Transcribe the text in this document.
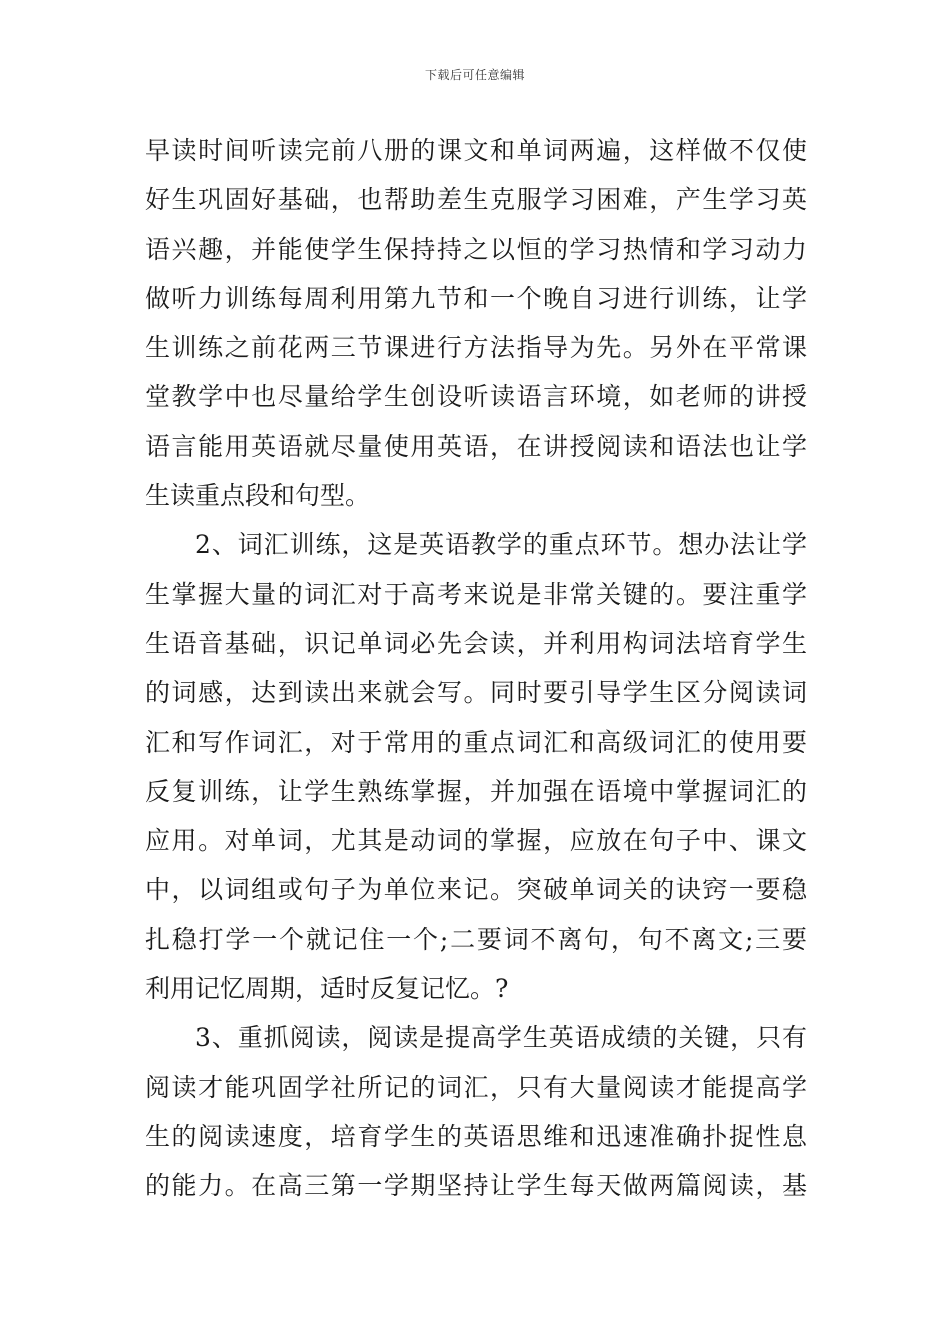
下载后可任意编辑
早读时间听读完前八册的课文和单词两遍，这样做不仅使
好生巩固好基础，也帮助差生克服学习困难，产生学习英
语兴趣，并能使学生保持持之以恒的学习热情和学习动力
做听力训练每周利用第九节和一个晚自习进行训练，让学
生训练之前花两三节课进行方法指导为先。另外在平常课
堂教学中也尽量给学生创设听读语言环境，如老师的讲授
语言能用英语就尽量使用英语，在讲授阅读和语法也让学
生读重点段和句型。
2、词汇训练，这是英语教学的重点环节。想办法让学
生掌握大量的词汇对于高考来说是非常关键的。要注重学
生语音基础，识记单词必先会读，并利用构词法培育学生
的词感，达到读出来就会写。同时要引导学生区分阅读词
汇和写作词汇，对于常用的重点词汇和高级词汇的使用要
反复训练，让学生熟练掌握，并加强在语境中掌握词汇的
应用。对单词，尤其是动词的掌握，应放在句子中、课文
中，以词组或句子为单位来记。突破单词关的诀窍一要稳
扎稳打学一个就记住一个;二要词不离句，句不离文;三要
利用记忆周期，适时反复记忆。?
3、重抓阅读，阅读是提高学生英语成绩的关键，只有
阅读才能巩固学社所记的词汇，只有大量阅读才能提高学
生的阅读速度，培育学生的英语思维和迅速准确扑捉性息
的能力。在高三第一学期坚持让学生每天做两篇阅读，基
